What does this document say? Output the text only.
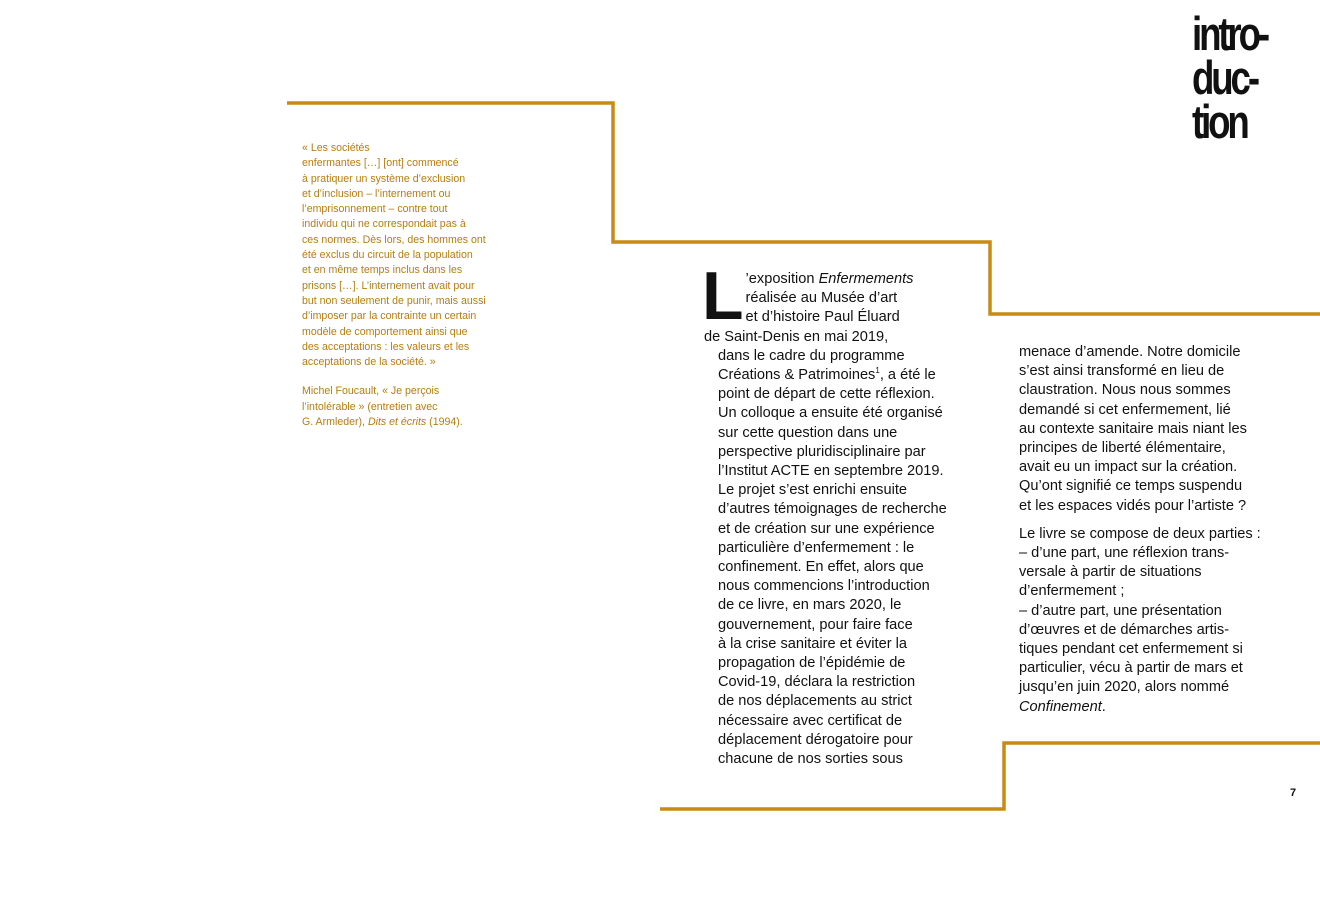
intro-
duc-
tion

« Les sociétés

enfermantes […] [ont] commencé

à pratiquer un système d’exclusion

et d’inclusion – l’internement ou

l’emprisonnement – contre tout

individu qui ne correspondait pas à

ces normes. Dès lors, des hommes ont

été exclus du circuit de la population

et en même temps inclus dans les

prisons […]. L’internement avait pour

but non seulement de punir, mais aussi

d’imposer par la contrainte un certain

modèle de comportement ainsi que

des acceptations : les valeurs et les

acceptations de la société. »

Michel Foucault, « Je perçois

l’intolérable » (entretien avec

G. Armleder), Dits et écrits (1994).

L ’exposition Enfermements

réalisée au Musée d’art

et d’histoire Paul Éluard

de Saint-Denis en mai 2019,

dans le cadre du programme

Créations & Patrimoines$^1$, a été le

point de départ de cette réflexion.

Un colloque a ensuite été organisé

sur cette question dans une

perspective pluridisciplinaire par

l’Institut ACTE en septembre 2019.

Le projet s’est enrichi ensuite

d’autres témoignages de recherche

et de création sur une expérience

particulière d’enfermement : le

confinement. En effet, alors que

nous commencions l’introduction

de ce livre, en mars 2020, le

gouvernement, pour faire face

à la crise sanitaire et éviter la

propagation de l’épidémie de

Covid-19, déclara la restriction

de nos déplacements au strict

nécessaire avec certificat de

déplacement dérogatoire pour

chacune de nos sorties sous

menace d’amende. Notre domicile

s’est ainsi transformé en lieu de

claustration. Nous nous sommes

demandé si cet enfermement, lié

au contexte sanitaire mais niant les

principes de liberté élémentaire,

avait eu un impact sur la création.

Qu’ont signifié ce temps suspendu

et les espaces vidés pour l’artiste ?

Le livre se compose de deux parties :

– d’une part, une réflexion trans-

versale à partir de situations

d’enfermement ;

– d’autre part, une présentation

d’œuvres et de démarches artis-

tiques pendant cet enfermement si

particulier, vécu à partir de mars et

jusqu’en juin 2020, alors nommé

Confinement.

7
